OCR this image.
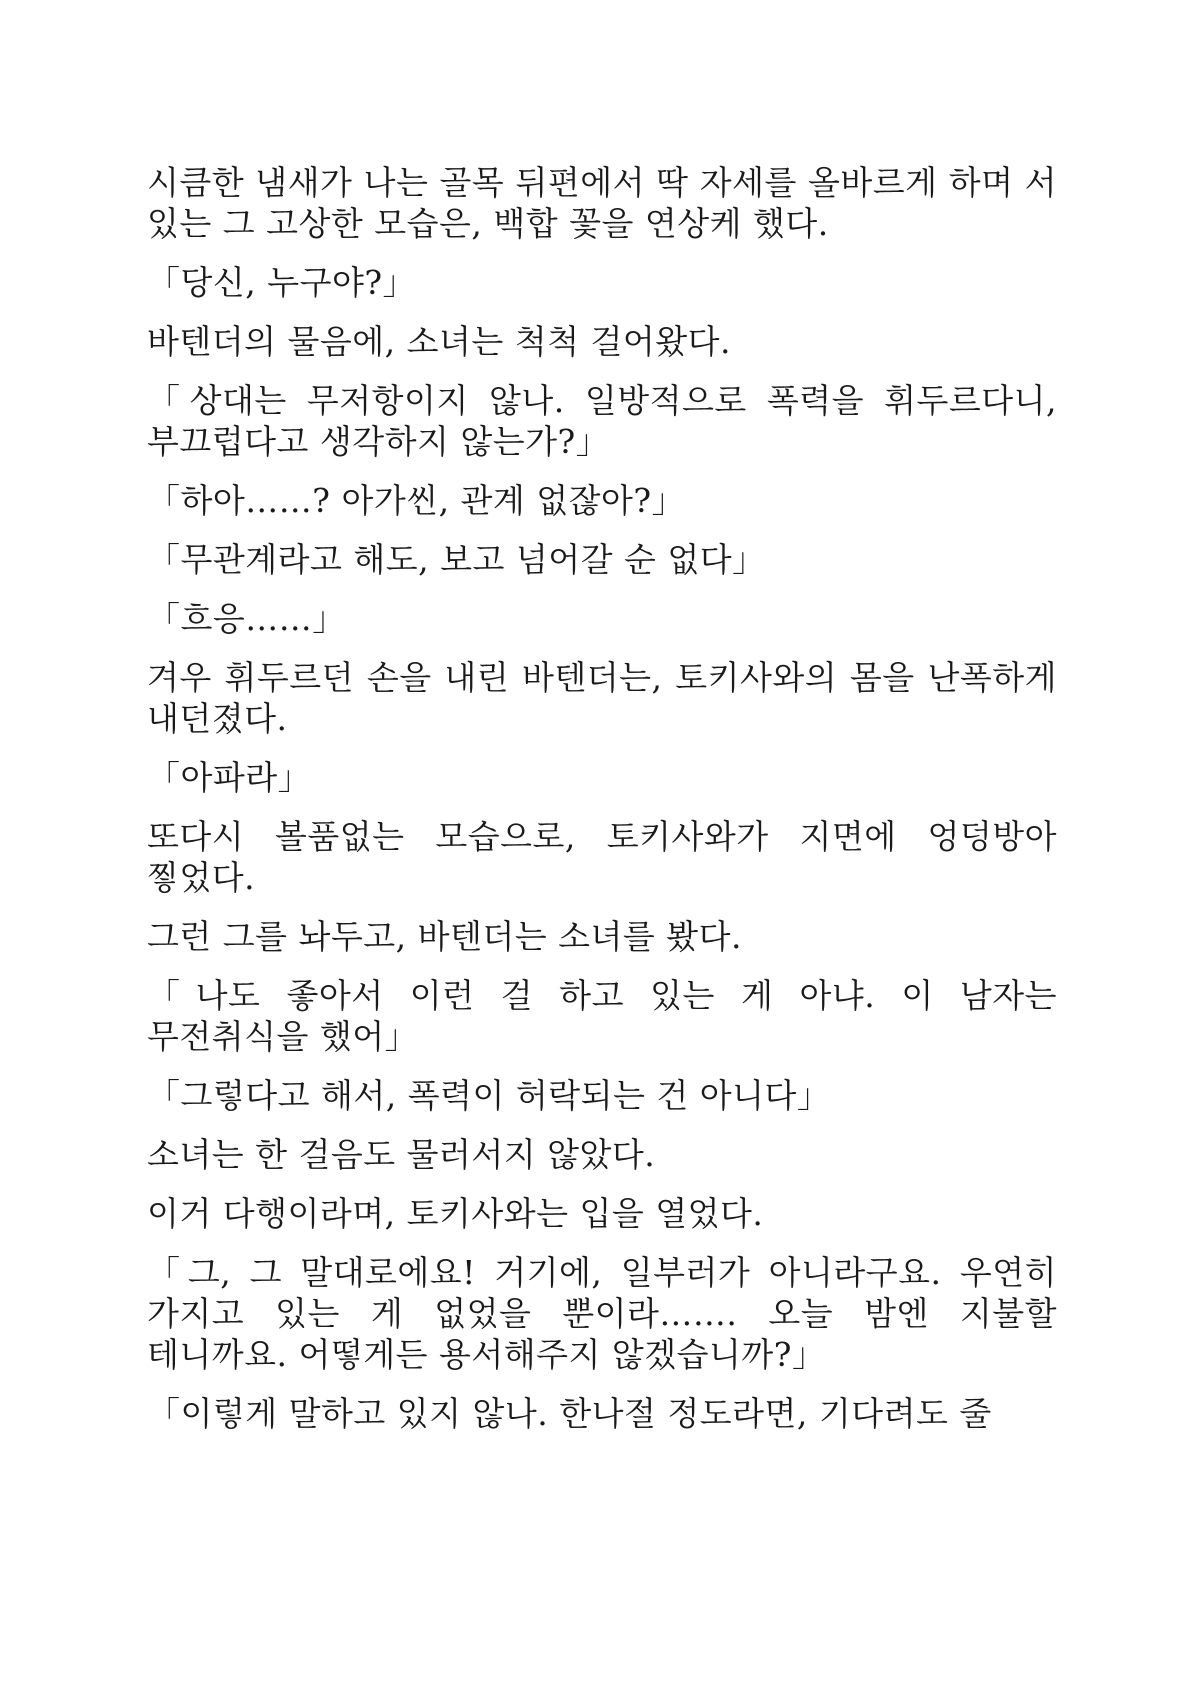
시큼한 냄새가 나는 골목 뒤편에서 딱 자세를 올바르게 하며 서 있는 그 고상한 모습은, 백합 꽃을 연상케 했다.

「당신, 누구야?」

바텐더의 물음에, 소녀는 척척 걸어왔다.

「상대는 무저항이지 않나. 일방적으로 폭력을 휘두르다니, 부끄럽다고 생각하지 않는가?」

「하아……? 아가씬, 관계 없잖아?」

「무관계라고 해도, 보고 넘어갈 순 없다」

「흐응……」

겨우 휘두르던 손을 내린 바텐더는, 토키사와의 몸을 난폭하게 내던졌다.

「아파라」

또다시 볼품없는 모습으로, 토키사와가 지면에 엉덩방아 찧었다.

그런 그를 놔두고, 바텐더는 소녀를 봤다.

「나도 좋아서 이런 걸 하고 있는 게 아냐. 이 남자는 무전취식을 했어」

「그렇다고 해서, 폭력이 허락되는 건 아니다」

소녀는 한 걸음도 물러서지 않았다.

이거 다행이라며, 토키사와는 입을 열었다.

「그, 그 말대로에요! 거기에, 일부러가 아니라구요. 우연히 가지고 있는 게 없었을 뿐이라……. 오늘 밤엔 지불할 테니까요. 어떻게든 용서해주지 않겠습니까?」

「이렇게 말하고 있지 않나. 한나절 정도라면, 기다려도 줄
